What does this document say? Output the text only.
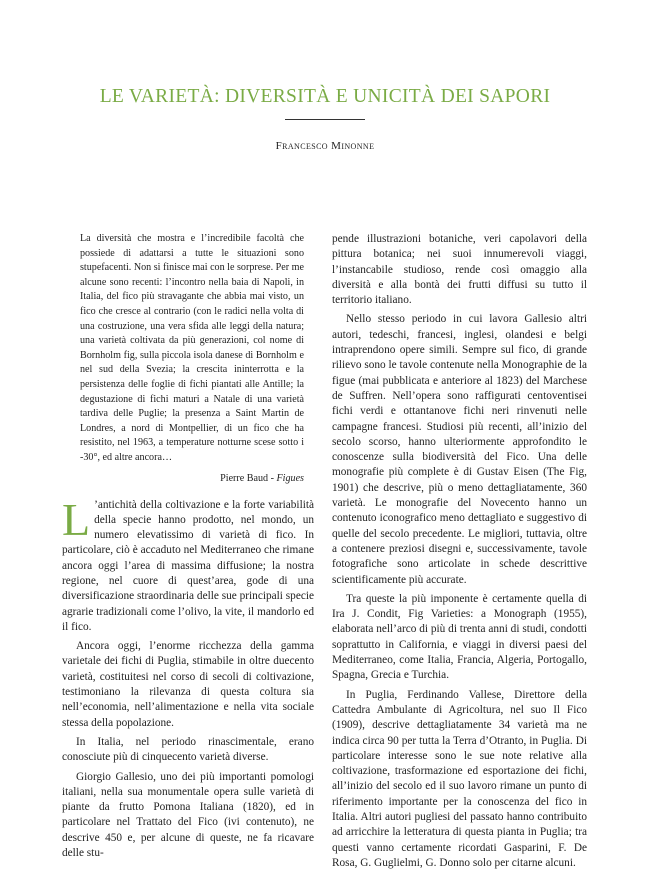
LE VARIETÀ: DIVERSITÀ E UNICITÀ DEI SAPORI
Francesco Minonne

La diversità che mostra e l’incredibile facoltà che possiede di adattarsi a tutte le situazioni sono stupefacenti. Non si finisce mai con le sorprese. Per me alcune sono recenti: l’incontro nella baia di Napoli, in Italia, del fico più stravagante che abbia mai visto, un fico che cresce al contrario (con le radici nella volta di una costruzione, una vera sfida alle leggi della natura; una varietà coltivata da più generazioni, col nome di Bornholm fig, sulla piccola isola danese di Bornholm e nel sud della Svezia; la crescita ininterrotta e la persistenza delle foglie di fichi piantati alle Antille; la degustazione di fichi maturi a Natale di una varietà tardiva delle Puglie; la presenza a Saint Martin de Londres, a nord di Montpellier, di un fico che ha resistito, nel 1963, a temperature notturne scese sotto i -30°, ed altre ancora…

Pierre Baud - Figues

L ’antichità della coltivazione e la forte variabilità della specie hanno prodotto, nel mondo, un numero elevatissimo di varietà di fico. In particolare, ciò è accaduto nel Mediterraneo che rimane ancora oggi l’area di massima diffusione; la nostra regione, nel cuore di quest’area, gode di una diversificazione straordinaria delle sue principali specie agrarie tradizionali come l’olivo, la vite, il mandorlo ed il fico.

Ancora oggi, l’enorme ricchezza della gamma varietale dei fichi di Puglia, stimabile in oltre duecento varietà, costituitesi nel corso di secoli di coltivazione, testimoniano la rilevanza di questa coltura sia nell’economia, nell’alimentazione e nella vita sociale stessa della popolazione.

In Italia, nel periodo rinascimentale, erano conosciute più di cinquecento varietà diverse.

Giorgio Gallesio, uno dei più importanti pomologi italiani, nella sua monumentale opera sulle varietà di piante da frutto Pomona Italiana (1820), ed in particolare nel Trattato del Fico (ivi contenuto), ne descrive 450 e, per alcune di queste, ne fa ricavare delle stu-

pende illustrazioni botaniche, veri capolavori della pittura botanica; nei suoi innumerevoli viaggi, l’instancabile studioso, rende così omaggio alla diversità e alla bontà dei frutti diffusi su tutto il territorio italiano.

Nello stesso periodo in cui lavora Gallesio altri autori, tedeschi, francesi, inglesi, olandesi e belgi intraprendono opere simili. Sempre sul fico, di grande rilievo sono le tavole contenute nella Monographie de la figue (mai pubblicata e anteriore al 1823) del Marchese de Suffren. Nell’opera sono raffigurati centoventisei fichi verdi e ottantanove fichi neri rinvenuti nelle campagne francesi. Studiosi più recenti, all’inizio del secolo scorso, hanno ulteriormente approfondito le conoscenze sulla biodiversità del Fico. Una delle monografie più complete è di Gustav Eisen (The Fig, 1901) che descrive, più o meno dettagliatamente, 360 varietà. Le monografie del Novecento hanno un contenuto iconografico meno dettagliato e suggestivo di quelle del secolo precedente. Le migliori, tuttavia, oltre a contenere preziosi disegni e, successivamente, tavole fotografiche sono articolate in schede descrittive scientificamente più accurate.

Tra queste la più imponente è certamente quella di Ira J. Condit, Fig Varieties: a Monograph (1955), elaborata nell’arco di più di trenta anni di studi, condotti soprattutto in California, e viaggi in diversi paesi del Mediterraneo, come Italia, Francia, Algeria, Portogallo, Spagna, Grecia e Turchia.

In Puglia, Ferdinando Vallese, Direttore della Cattedra Ambulante di Agricoltura, nel suo Il Fico (1909), descrive dettagliatamente 34 varietà ma ne indica circa 90 per tutta la Terra d’Otranto, in Puglia. Di particolare interesse sono le sue note relative alla coltivazione, trasformazione ed esportazione dei fichi, all’inizio del secolo ed il suo lavoro rimane un punto di riferimento importante per la conoscenza del fico in Italia. Altri autori pugliesi del passato hanno contribuito ad arricchire la letteratura di questa pianta in Puglia; tra questi vanno certamente ricordati Gasparini, F. De Rosa, G. Guglielmi, G. Donno solo per citarne alcuni.
